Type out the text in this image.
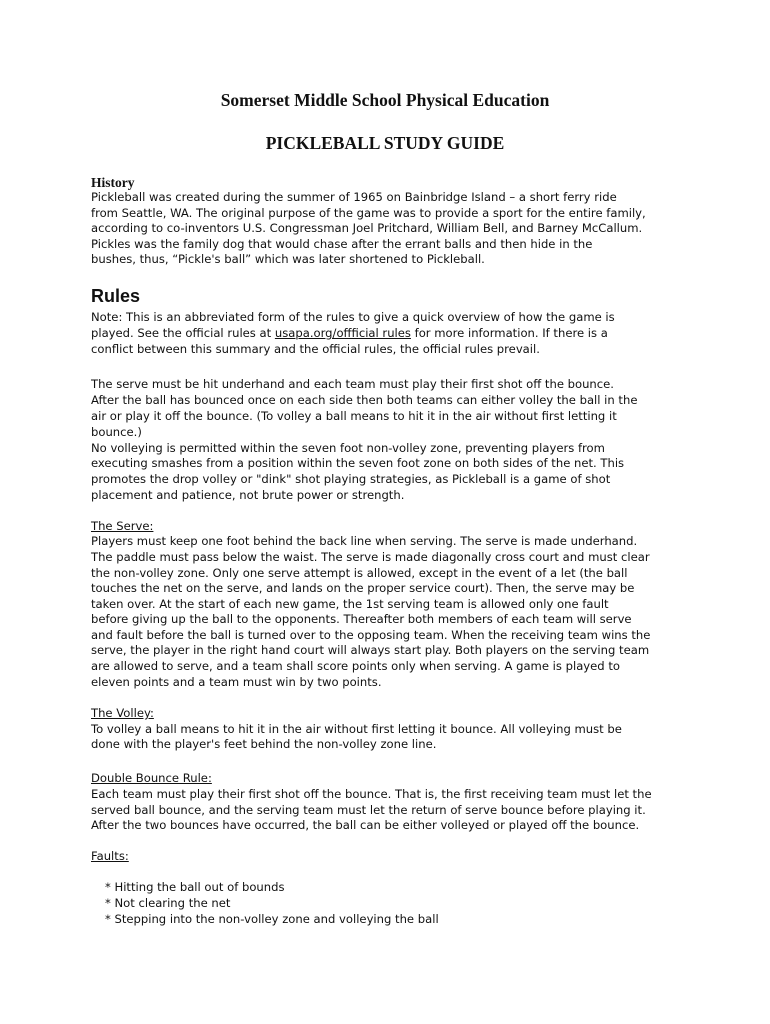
Somerset Middle School Physical Education
PICKLEBALL STUDY GUIDE
History
Pickleball was created during the summer of 1965 on Bainbridge Island – a short ferry ride
from Seattle, WA. The original purpose of the game was to provide a sport for the entire family,
according to co-inventors U.S. Congressman Joel Pritchard, William Bell, and Barney McCallum.
Pickles was the family dog that would chase after the errant balls and then hide in the
bushes, thus, “Pickle's ball” which was later shortened to Pickleball.
Rules
Note: This is an abbreviated form of the rules to give a quick overview of how the game is
played. See the official rules at usapa.org/offficial rules for more information. If there is a
conflict between this summary and the official rules, the official rules prevail.
The serve must be hit underhand and each team must play their first shot off the bounce.
After the ball has bounced once on each side then both teams can either volley the ball in the
air or play it off the bounce. (To volley a ball means to hit it in the air without first letting it
bounce.)
No volleying is permitted within the seven foot non-volley zone, preventing players from
executing smashes from a position within the seven foot zone on both sides of the net. This
promotes the drop volley or "dink" shot playing strategies, as Pickleball is a game of shot
placement and patience, not brute power or strength.
The Serve:
Players must keep one foot behind the back line when serving. The serve is made underhand.
The paddle must pass below the waist. The serve is made diagonally cross court and must clear
the non-volley zone. Only one serve attempt is allowed, except in the event of a let (the ball
touches the net on the serve, and lands on the proper service court). Then, the serve may be
taken over. At the start of each new game, the 1st serving team is allowed only one fault
before giving up the ball to the opponents. Thereafter both members of each team will serve
and fault before the ball is turned over to the opposing team. When the receiving team wins the
serve, the player in the right hand court will always start play. Both players on the serving team
are allowed to serve, and a team shall score points only when serving. A game is played to
eleven points and a team must win by two points.
The Volley:
To volley a ball means to hit it in the air without first letting it bounce. All volleying must be
done with the player's feet behind the non-volley zone line.
Double Bounce Rule:
Each team must play their first shot off the bounce. That is, the first receiving team must let the
served ball bounce, and the serving team must let the return of serve bounce before playing it.
After the two bounces have occurred, the ball can be either volleyed or played off the bounce.
Faults:
* Hitting the ball out of bounds
* Not clearing the net
* Stepping into the non-volley zone and volleying the ball
